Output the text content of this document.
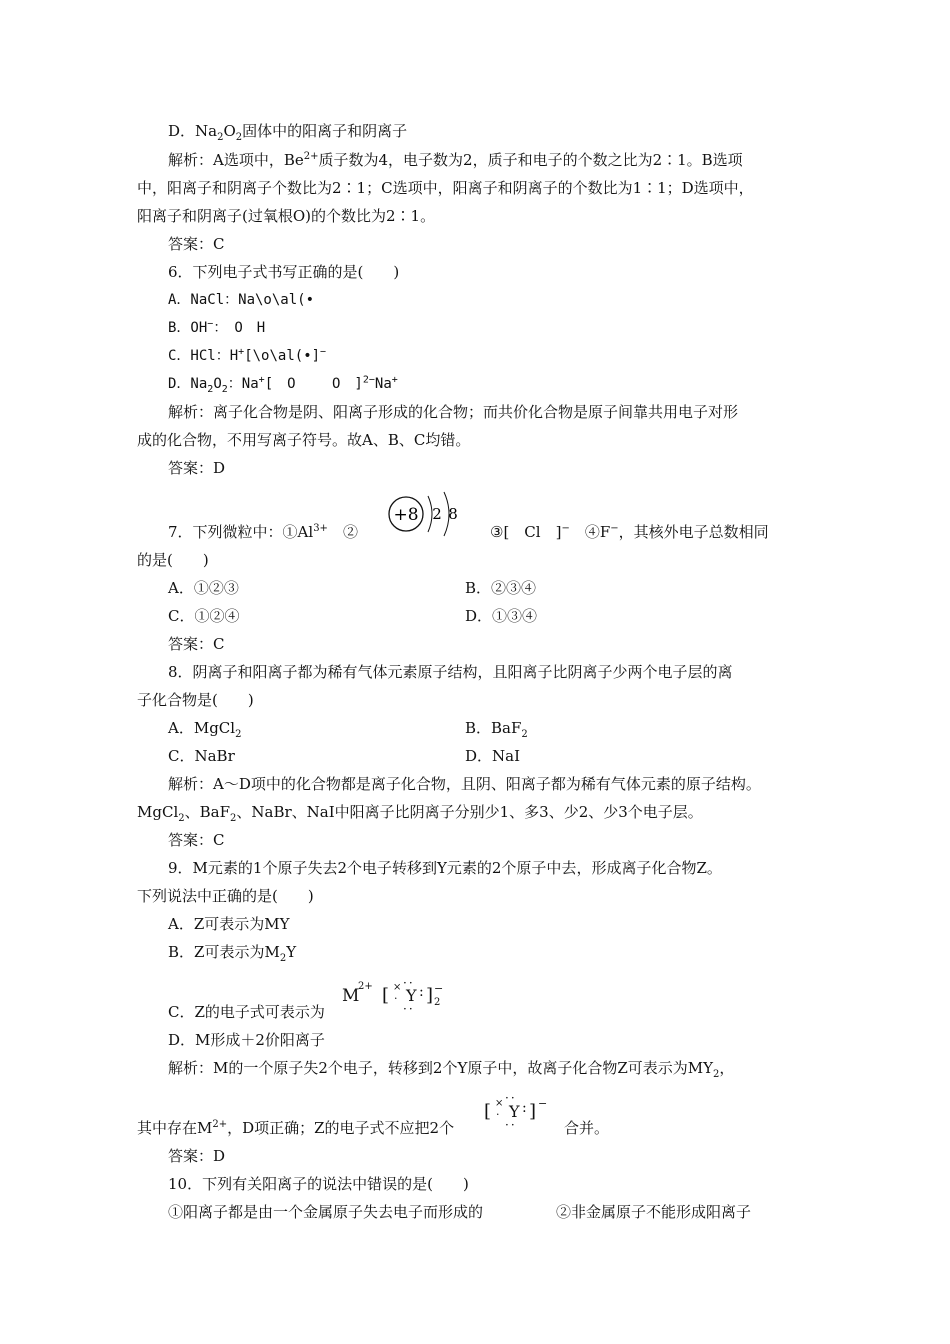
D．$Na_2O_2$固体中的阳离子和阴离子
解析：A选项中，$Be^{2+}$质子数为4，电子数为2，质子和电子的个数之比为2∶1。B选项
中，阳离子和阴离子个数比为2∶1；C选项中，阳离子和阴离子的个数比为1∶1；D选项中，
阳离子和阴离子(过氧根O)的个数比为2∶1。
答案：C
6．下列电子式书写正确的是(　　)
A．NaCl：Na\o\al(•
B．OH−：　O　H
C．HCl：H+[\o\al(•]−
D．$Na_2O_2$：Na+[　O　　 O　]$^{2-}$Na+
解析：离子化合物是阴、阳离子形成的化合物；而共价化合物是原子间靠共用电子对形
成的化合物，不用写离子符号。故A、B、C均错。
答案：D
+8 2 8
7．下列微粒中：$①Al^{3+}$　②	③[　Cl　]−　④F−，其核外电子总数相同
的是(　　)
A．①②③	B．②③④
C．①②④	D．①③④
答案：C
8．阴离子和阳离子都为稀有气体元素原子结构，且阳离子比阴离子少两个电子层的离
子化合物是(　　)
A．MgCl$_2$	B．BaF$_2$
C．NaBr	D．NaI
解析：A～D项中的化合物都是离子化合物，且阴、阳离子都为稀有气体元素的原子结构。
MgCl$_2$、BaF$_2$、NaBr、NaI中阳离子比阴离子分别少1、多3、少2、少3个电子层。
答案：C
9．M元素的1个原子失去2个电子转移到Y元素的2个原子中去，形成离子化合物Z。
下列说法中正确的是(　　)
A．Z可表示为MY
B．Z可表示为$M_2Y$
M
2+ [ ×
·
··
Y :
··
] −
2
C．Z的电子式可表示为
D．M形成＋2价阳离子
解析：M的一个原子失2个电子，转移到2个Y原子中，故离子化合物Z可表示为$MY_2$，
[ ×
·
··
Y :
··
] −
其中存在$M^{2+}$，D项正确；Z的电子式不应把2个	合并。
答案：D
10．下列有关阳离子的说法中错误的是(　　)
①阳离子都是由一个金属原子失去电子而形成的	②非金属原子不能形成阳离子
